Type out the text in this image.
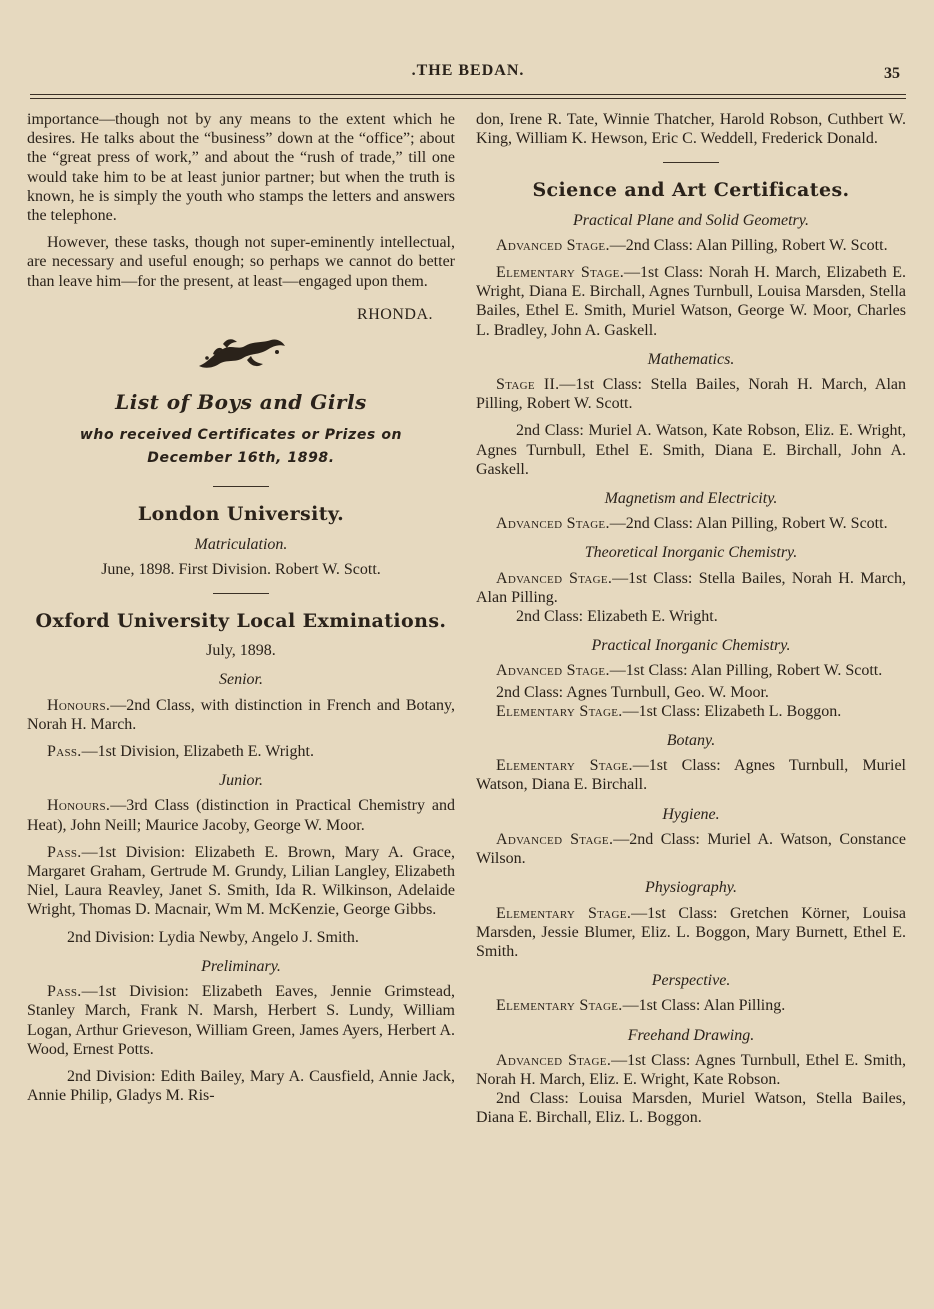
.THE BEDAN.	35

importance—though not by any means to the extent which he desires. He talks about the “business” down at the “office”; about the “great press of work,” and about the “rush of trade,” till one would take him to be at least junior partner; but when the truth is known, he is simply the youth who stamps the letters and answers the telephone.

However, these tasks, though not super-eminently intellectual, are necessary and useful enough; so perhaps we cannot do better than leave him—for the present, at least—engaged upon them.

RHONDA.
List of Boys and Girls
who received Certificates or Prizes on
December 16th, 1898.
London University.
Matriculation.

June, 1898. First Division. Robert W. Scott.

Oxford University Local Exminations.
July, 1898.
Senior.

Honours.—2nd Class, with distinction in French and Botany, Norah H. March.

Pass.—1st Division, Elizabeth E. Wright.

Junior.

Honours.—3rd Class (distinction in Practical Chemistry and Heat), John Neill; Maurice Jacoby, George W. Moor.

Pass.—1st Division: Elizabeth E. Brown, Mary A. Grace, Margaret Graham, Gertrude M. Grundy, Lilian Langley, Elizabeth Niel, Laura Reavley, Janet S. Smith, Ida R. Wilkinson, Adelaide Wright, Thomas D. Macnair, Wm M. McKenzie, George Gibbs.

2nd Division: Lydia Newby, Angelo J. Smith.

Preliminary.

Pass.—1st Division: Elizabeth Eaves, Jennie Grimstead, Stanley March, Frank N. Marsh, Herbert S. Lundy, William Logan, Arthur Grieveson, William Green, James Ayers, Herbert A. Wood, Ernest Potts.

2nd Division: Edith Bailey, Mary A. Causfield, Annie Jack, Annie Philip, Gladys M. Ris-

don, Irene R. Tate, Winnie Thatcher, Harold Robson, Cuthbert W. King, William K. Hewson, Eric C. Weddell, Frederick Donald.

Science and Art Certificates.
Practical Plane and Solid Geometry.

Advanced Stage.—2nd Class: Alan Pilling, Robert W. Scott.

Elementary Stage.—1st Class: Norah H. March, Elizabeth E. Wright, Diana E. Birchall, Agnes Turnbull, Louisa Marsden, Stella Bailes, Ethel E. Smith, Muriel Watson, George W. Moor, Charles L. Bradley, John A. Gaskell.

Mathematics.

Stage II.—1st Class: Stella Bailes, Norah H. March, Alan Pilling, Robert W. Scott.

2nd Class: Muriel A. Watson, Kate Robson, Eliz. E. Wright, Agnes Turnbull, Ethel E. Smith, Diana E. Birchall, John A. Gaskell.

Magnetism and Electricity.

Advanced Stage.—2nd Class: Alan Pilling, Robert W. Scott.

Theoretical Inorganic Chemistry.

Advanced Stage.—1st Class: Stella Bailes, Norah H. March, Alan Pilling.

2nd Class: Elizabeth E. Wright.

Practical Inorganic Chemistry.

Advanced Stage.—1st Class: Alan Pilling, Robert W. Scott.

2nd Class: Agnes Turnbull, Geo. W. Moor.

Elementary Stage.—1st Class: Elizabeth L. Boggon.

Botany.

Elementary Stage.—1st Class: Agnes Turnbull, Muriel Watson, Diana E. Birchall.

Hygiene.

Advanced Stage.—2nd Class: Muriel A. Watson, Constance Wilson.

Physiography.

Elementary Stage.—1st Class: Gretchen Körner, Louisa Marsden, Jessie Blumer, Eliz. L. Boggon, Mary Burnett, Ethel E. Smith.

Perspective.

Elementary Stage.—1st Class: Alan Pilling.

Freehand Drawing.

Advanced Stage.—1st Class: Agnes Turnbull, Ethel E. Smith, Norah H. March, Eliz. E. Wright, Kate Robson.

2nd Class: Louisa Marsden, Muriel Watson, Stella Bailes, Diana E. Birchall, Eliz. L. Boggon.
